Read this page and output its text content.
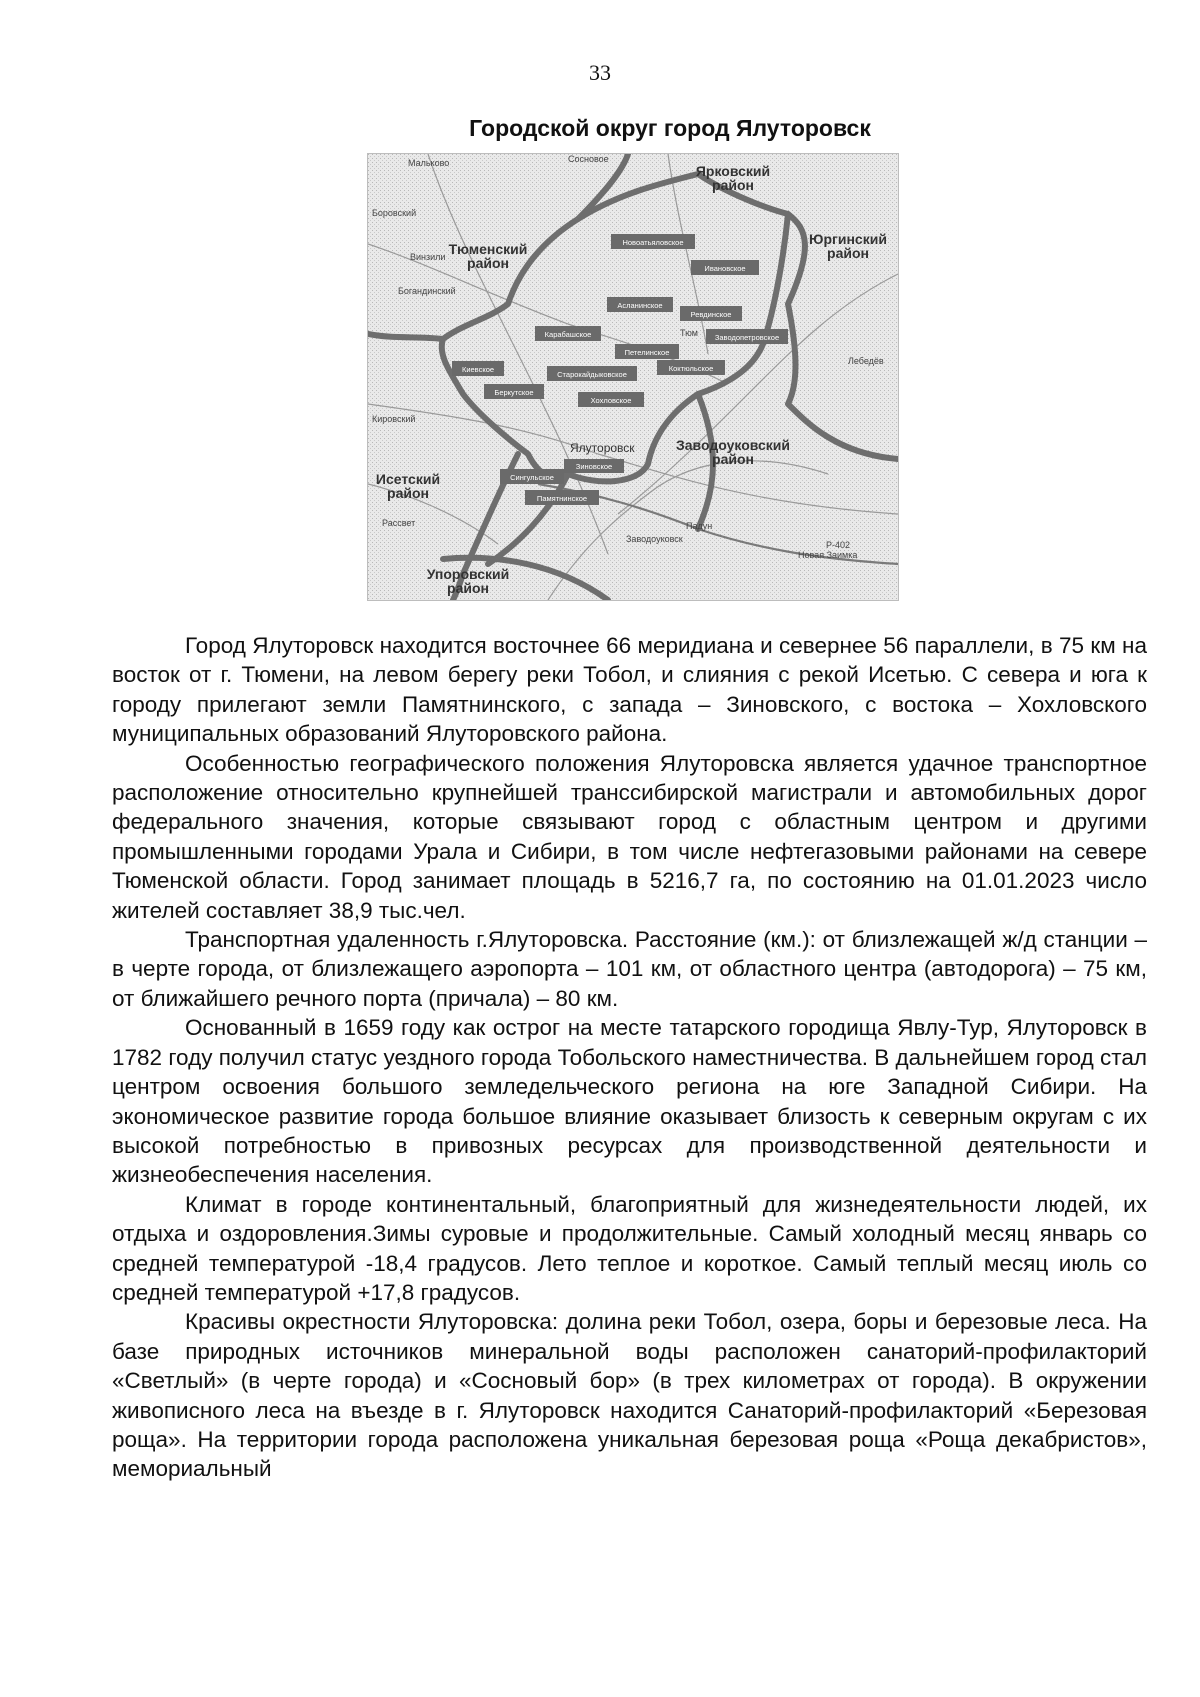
33
Городской округ город Ялуторовск
Ярковский
район
Юргинский
район
Тюменский
район
Исетский
район
Заводоуковский
район
Упоровский
район
Мальково	Сосновое
Боровский
Винзили
Богандинский
Кировский
Заводоуковск
Лебедёв
Падун
Новая Заимка
Рассвет
Р-402
Тюм
Ялуторовск
Новоатьяловское
Ивановское
Асланинское
Ревдинское
Карабашское	Заводопетровское
Петелинское
Киевское
Старокайдыковское
Коктюльское
Беркутское
Хохловское
Зиновское
Сингульское
Памятнинское

Город Ялуторовск находится восточнее 66 меридиана и севернее 56 параллели, в 75 км на восток от г. Тюмени, на левом берегу реки Тобол, и слияния с рекой Исетью. С севера и юга к городу прилегают земли Памятнинского, с запада – Зиновского, с востока – Хохловского муниципальных образований Ялуторовского района.

Особенностью географического положения Ялуторовска является удачное транспортное расположение относительно крупнейшей транссибирской магистрали и автомобильных дорог федерального значения, которые связывают город с областным центром и другими промышленными городами Урала и Сибири, в том числе нефтегазовыми районами на севере Тюменской области. Город занимает площадь в 5216,7 га, по состоянию на 01.01.2023 число жителей составляет 38,9 тыс.чел.

Транспортная удаленность г.Ялуторовска. Расстояние (км.): от близлежащей ж/д станции – в черте города, от близлежащего аэропорта – 101 км, от областного центра (автодорога) – 75 км, от ближайшего речного порта (причала) – 80 км.

Основанный в 1659 году как острог на месте татарского городища Явлу-Тур, Ялуторовск в 1782 году получил статус уездного города Тобольского наместничества. В дальнейшем город стал центром освоения большого земледельческого региона на юге Западной Сибири. На экономическое развитие города большое влияние оказывает близость к северным округам с их высокой потребностью в привозных ресурсах для производственной деятельности и жизнеобеспечения населения.

Климат в городе континентальный, благоприятный для жизнедеятельности людей, их отдыха и оздоровления.Зимы суровые и продолжительные. Самый холодный месяц январь со средней температурой -18,4 градусов. Лето теплое и короткое. Самый теплый месяц июль со средней температурой +17,8 градусов.

Красивы окрестности Ялуторовска: долина реки Тобол, озера, боры и березовые леса. На базе природных источников минеральной воды расположен санаторий-профилакторий «Светлый» (в черте города) и «Сосновый бор» (в трех километрах от города). В окружении живописного леса на въезде в г. Ялуторовск находится Санаторий-профилакторий «Березовая роща». На территории города расположена уникальная березовая роща «Роща декабристов», мемориальный
